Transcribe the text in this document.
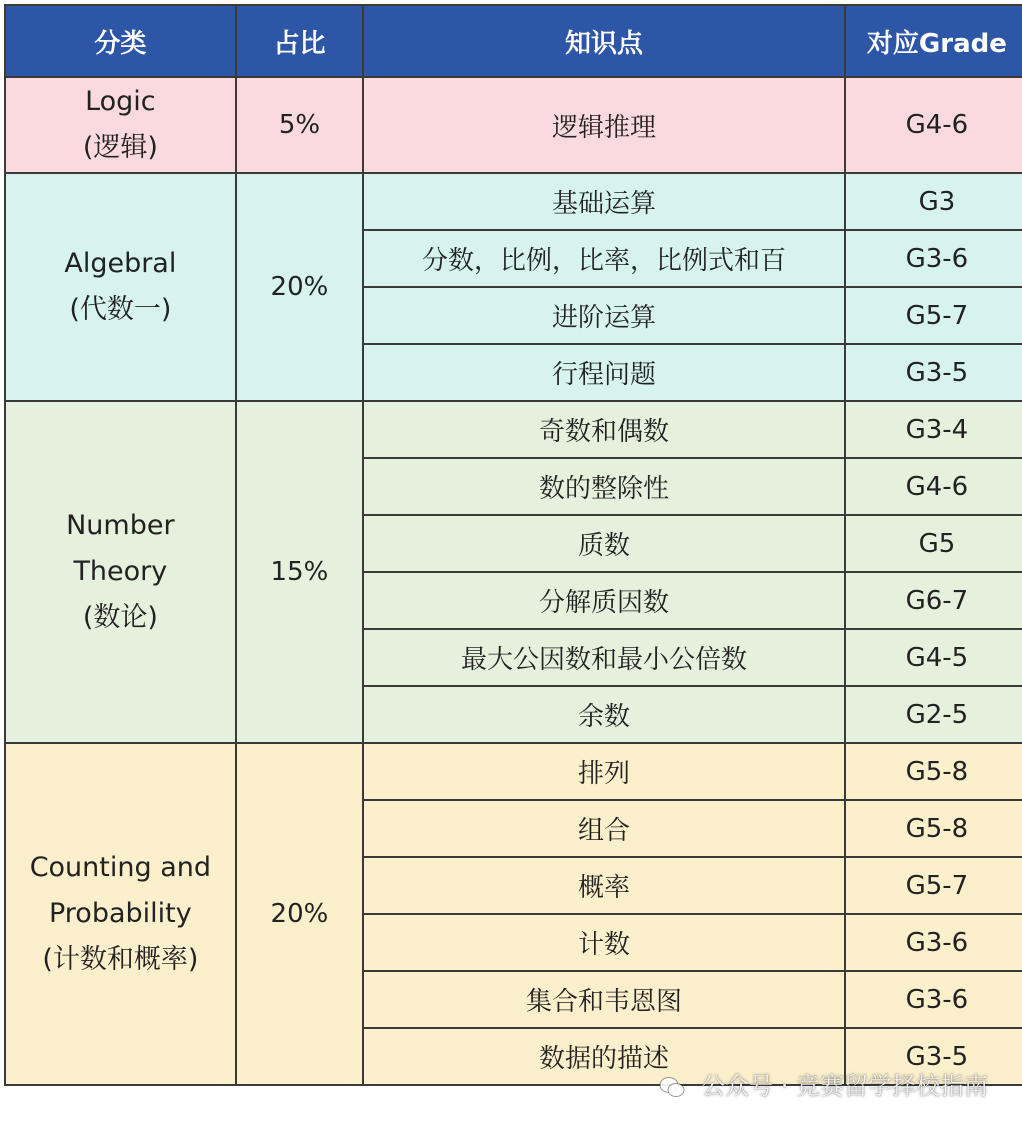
分类	占比	知识点	对应Grade

Logic
(逻辑)	5%	逻辑推理	G4-6

Algebral
(代数一)	20%	基础运算	G3
		分数，比例，比率，比例式和百	G3-6
		进阶运算	G5-7
		行程问题	G3-5

Number
Theory
(数论)	15%	奇数和偶数	G3-4
		数的整除性	G4-6
		质数	G5
		分解质因数	G6-7
		最大公因数和最小公倍数	G4-5
		余数	G2-5

Counting and
Probability
(计数和概率)	20%	排列	G5-8
		组合	G5-8
		概率	G5-7
		计数	G3-6
		集合和韦恩图	G3-6
		数据的描述	G3-5
公众号 · 竞赛留学择校指南
